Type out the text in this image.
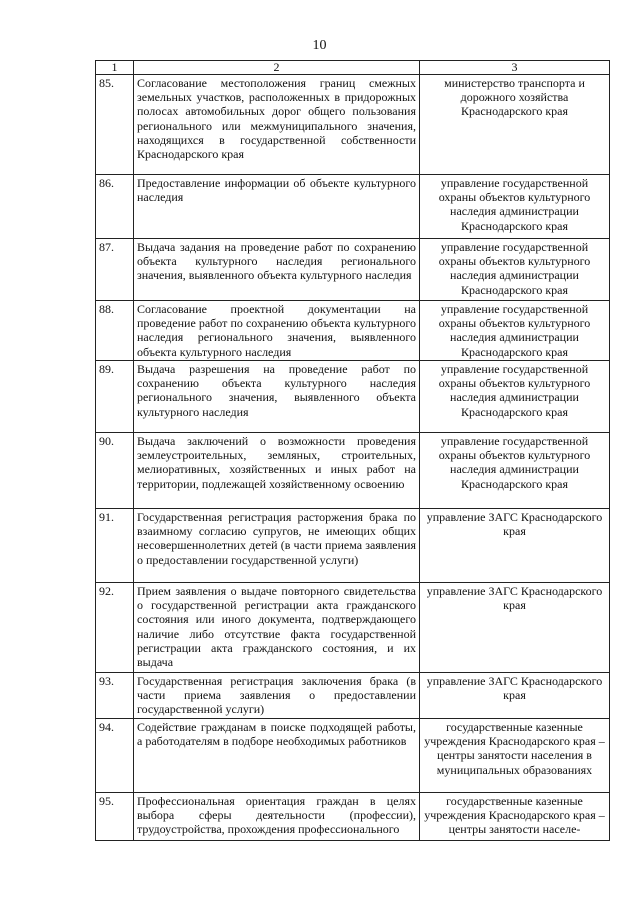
10
1	2	3
85.	Согласование местоположения границ смежных земельных участков, расположенных в придорожных полосах автомобильных дорог общего пользования регионального или межмуниципального значения, находящихся в государственной собственности Краснодарского края	министерство транспорта и дорожного хозяйства Краснодарского края
86.	Предоставление информации об объекте культурного наследия	управление государственной охраны объектов культурного наследия администрации Краснодарского края
87.	Выдача задания на проведение работ по сохранению объекта культурного наследия регионального значения, выявленного объекта культурного наследия	управление государственной охраны объектов культурного наследия администрации Краснодарского края
88.	Согласование проектной документации на проведение работ по сохранению объекта культурного наследия регионального значения, выявленного объекта культурного наследия	управление государственной охраны объектов культурного наследия администрации Краснодарского края
89.	Выдача разрешения на проведение работ по сохранению объекта культурного наследия регионального значения, выявленного объекта культурного наследия	управление государственной охраны объектов культурного наследия администрации Краснодарского края
90.	Выдача заключений о возможности проведения землеустроительных, земляных, строительных, мелиоративных, хозяйственных и иных работ на территории, подлежащей хозяйственному освоению	управление государственной охраны объектов культурного наследия администрации Краснодарского края
91.	Государственная регистрация расторжения брака по взаимному согласию супругов, не имеющих общих несовершеннолетних детей (в части приема заявления о предоставлении государственной услуги)	управление ЗАГС Краснодарского края
92.	Прием заявления о выдаче повторного свидетельства о государственной регистрации акта гражданского состояния или иного документа, подтверждающего наличие либо отсутствие факта государственной регистрации акта гражданского состояния, и их выдача	управление ЗАГС Краснодарского края
93.	Государственная регистрация заключения брака (в части приема заявления о предоставлении государственной услуги)	управление ЗАГС Краснодарского края
94.	Содействие гражданам в поиске подходящей работы, а работодателям в подборе необходимых работников	государственные казенные учреждения Краснодарского края – центры занятости населения в муниципальных образованиях
95.	Профессиональная ориентация граждан в целях выбора сферы деятельности (профессии), трудоустройства, прохождения профессионального	государственные казенные учреждения Краснодарского края – центры занятости населе-
